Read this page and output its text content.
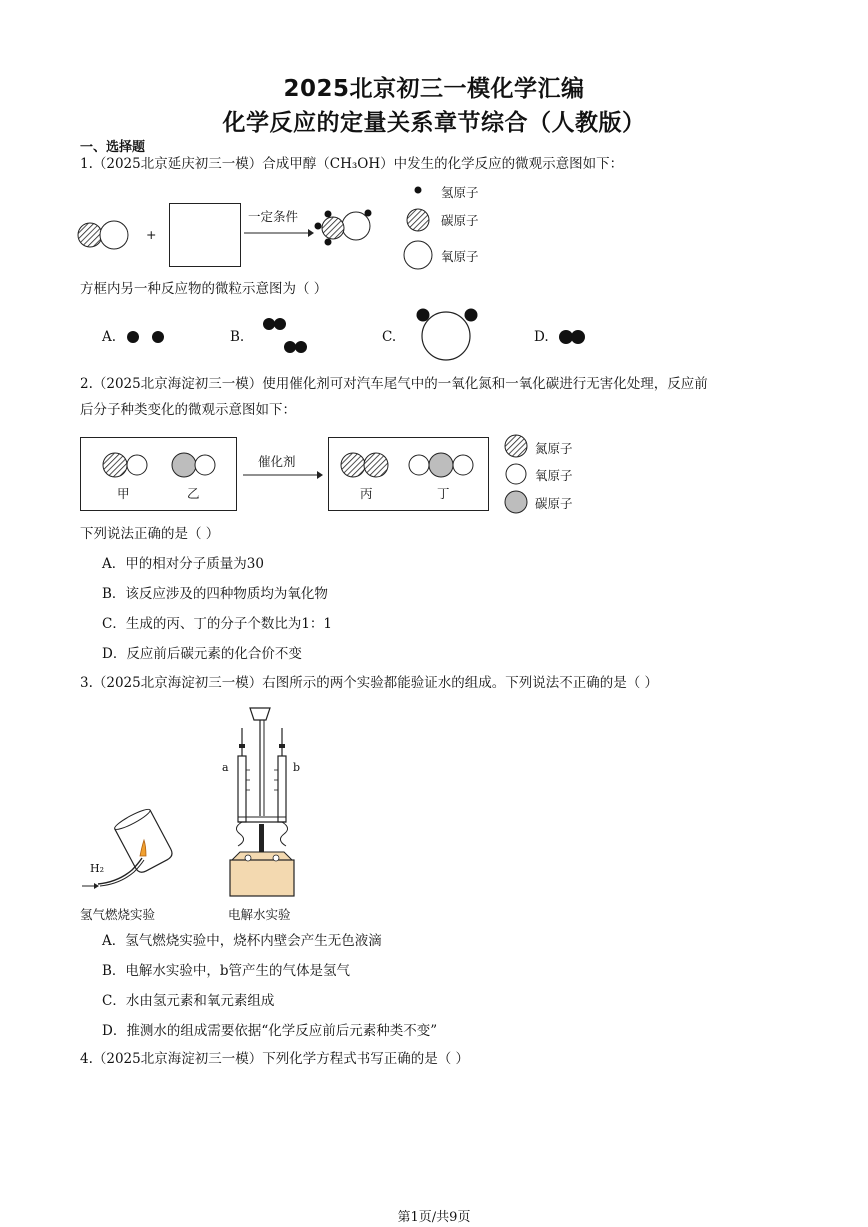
2025北京初三一模化学汇编
化学反应的定量关系章节综合（人教版）
一、选择题
1.（2025北京延庆初三一模）合成甲醇（CH₃OH）中发生的化学反应的微观示意图如下：
+
一定条件
氢原子
碳原子
氧原子
方框内另一种反应物的微粒示意图为（ ）
A.	B.	C.	D.
2.（2025北京海淀初三一模）使用催化剂可对汽车尾气中的一氧化氮和一氧化碳进行无害化处理，反应前
后分子种类变化的微观示意图如下：
甲	乙
催化剂
丙	丁
氮原子
氧原子
碳原子
下列说法正确的是（ ）
A．甲的相对分子质量为30
B．该反应涉及的四种物质均为氧化物
C．生成的丙、丁的分子个数比为1：1
D．反应前后碳元素的化合价不变
3.（2025北京海淀初三一模）右图所示的两个实验都能验证水的组成。下列说法不正确的是（ ）
H₂
a	b
氢气燃烧实验	电解水实验
A．氢气燃烧实验中，烧杯内壁会产生无色液滴
B．电解水实验中，b管产生的气体是氢气
C．水由氢元素和氧元素组成
D．推测水的组成需要依据“化学反应前后元素种类不变”
4.（2025北京海淀初三一模）下列化学方程式书写正确的是（ ）
第1页/共9页
